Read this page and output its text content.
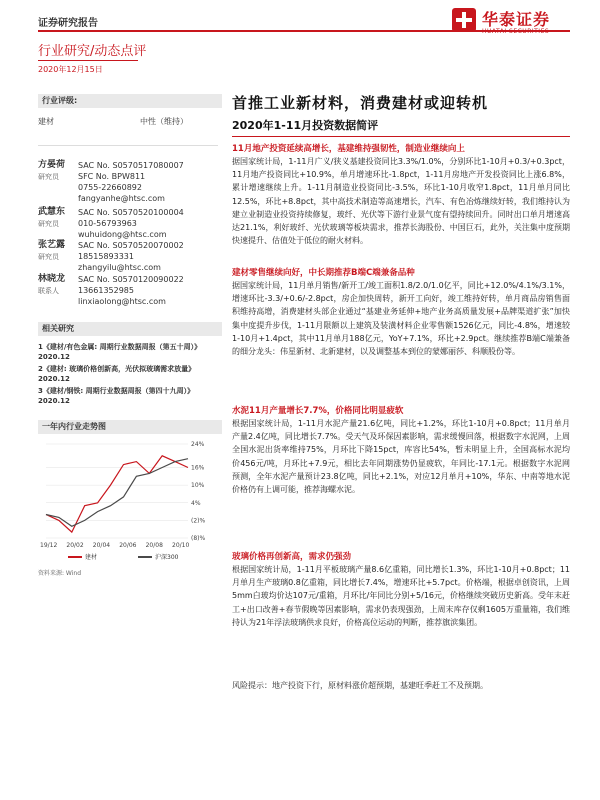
证券研究报告	华泰证券
行业研究/动态点评
2020年12月15日
行业评级:
建材	中性（维持）
方晏荷
研究员
SAC No. S0570517080007
SFC No. BPW811
0755-22660892
fangyanhe@htsc.com
武慧东
研究员
SAC No. S0570520100004
010-56793963
wuhuidong@htsc.com
张艺露
研究员
SAC No. S0570520070002
18515893331
zhangyilu@htsc.com
林晓龙
联系人
SAC No. S0570120090022
13661352985
linxiaolong@htsc.com
相关研究
1《建材/有色金属: 周期行业数据周报（第五十周）》
2020.12
2《建材: 玻璃价格创新高，光伏拟玻璃需求放量》
2020.12
3《建材/钢铁: 周期行业数据周报（第四十九周）》
2020.12
一年内行业走势图
(8)%
(2)%
4%
10%
16%
24%
19/12 20/02 20/04 20/06 20/08 20/10
建材	沪深300
资料来源: Wind
首推工业新材料，消费建材或迎转机
2020年1-11月投资数据简评
11月地产投资延续高增长，基建维持强韧性，制造业继续向上
据国家统计局，1-11月广义/狭义基建投资同比3.3%/1.0%，分别环比1-10月+0.3/+0.3pct，11月地产投资同比+10.9%，单月增速环比-1.8pct，1-11月房地产开发投资同比上涨6.8%，累计增速继续上升。1-11月制造业投资同比-3.5%，环比1-10月收窄1.8pct，11月单月同比12.5%，环比+8.8pct，其中高技术制造等高速增长，汽车、有色冶炼继续好转，我们维持认为建立业制造业投资持续修复，玻纤、光伏等下游行业景气度有望持续回升。同时出口单月增速高达21.1%，利好玻纤、光伏玻璃等板块需求，推荐长海股份、中国巨石，此外，关注集中度预期快速提升、估值处于低位的耐火材料。
建材零售继续向好，中长期推荐B端C端兼备品种
据国家统计局，11月单月销售/新开工/竣工面积1.8/2.0/1.0亿平，同比+12.0%/4.1%/3.1%，增速环比-3.3/+0.6/-2.8pct，房企加快周转，新开工向好，竣工维持好转，单月商品房销售面积维持高增，消费建材头部企业通过“基建业务延伸+地产业务高质量发展+品牌渠道扩张”加快集中度提升步伐，1-11月限额以上建筑及装潢材料企业零售额1526亿元，同比-4.8%，增速较1-10月+1.4pct，其中11月单月188亿元，YoY+7.1%，环比+2.9pct。继续推荐B端C端兼备的细分龙头：伟星新材、北新建材，以及调整基本到位的蒙娜丽莎、科顺股份等。
水泥11月产量增长7.7%，价格同比明显疲软
根据国家统计局，1-11月水泥产量21.6亿吨，同比+1.2%，环比1-10月+0.8pct；11月单月产量2.4亿吨，同比增长7.7%。受天气及环保因素影响，需求缓慢回落，根据数字水泥网，上周全国水泥出货率维持75%，月环比下降15pct，库容比54%，暂未明显上升，全国高标水泥均价456元/吨，月环比+7.9元，相比去年同期涨势仍显疲软，年同比-17.1元。根据数字水泥网预测，全年水泥产量预计23.8亿吨，同比+2.1%，对应12月单月+10%，华东、中南等地水泥价格仍有上调可能，推荐海螺水泥。
玻璃价格再创新高，需求仍强劲
根据国家统计局，1-11月平板玻璃产量8.6亿重箱，同比增长1.3%，环比1-10月+0.8pct；11月单月生产玻璃0.8亿重箱，同比增长7.4%，增速环比+5.7pct。价格端，根据卓创资讯，上周5mm白玻均价达107元/重箱，月环比/年同比分别+5/16元，价格继续突破历史新高。受年末赶工+出口改善+春节假晚等因素影响，需求仍表现强劲，上周末库存仅剩1605万重量箱，我们维持认为21年浮法玻璃供求良好，价格高位运动的判断，推荐旗滨集团。
风险提示：地产投资下行，原材料涨价超预期，基建旺季赶工不及预期。
